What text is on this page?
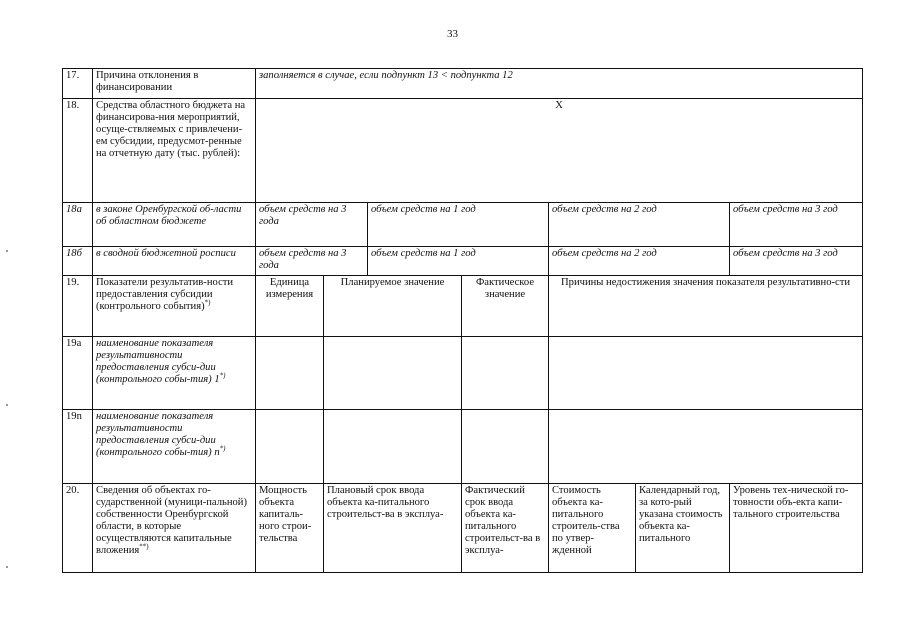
33
17.	Причина отклонения в финансировании	заполняется в случае, если подпункт 13 < подпункта 12							
18.	Средства областного бюджета на финансирова-ния мероприятий, осуще-ствляемых с привлечени-ем субсидии, предусмот-ренные на отчетную дату (тыс. рублей):	Х							
18а	в законе Оренбургской об-ласти об областном бюджете	объем средств на 3 года		объем средств на 1 год		объем средств на 2 год		объем средств на 3 год	
18б	в сводной бюджетной росписи	объем средств на 3 года		объем средств на 1 год		объем средств на 2 год		объем средств на 3 год	
19.	Показатели результатив-ности предоставления субсидии (контрольного события)*)	Единица измерения	Планируемое значение		Фактическое значение	Причины недостижения значения показателя результативно-сти			
19а	наименование показателя результативности предоставления субси-дии (контрольного собы-тия) 1*)				
19n	наименование показателя результативности предоставления субси-дии (контрольного собы-тия) n*)				
20.	Сведения об объектах го-сударственной (муници-пальной) собственности Оренбургской области, в которые осуществляются капитальные вложения**)	Мощность объекта капиталь-ного строи-тельства	Плановый срок ввода объекта ка-питального строительст-ва в эксплуа-		Фактический срок ввода объекта ка-питального строительст-ва в эксплуа-	Стоимость объекта ка-питального строитель-ства по утвер-жденной	Календарный год, за кото-рый указана стоимость объекта ка-питального	Уровень тех-нической го-товности объ-екта капи-тального строительства
